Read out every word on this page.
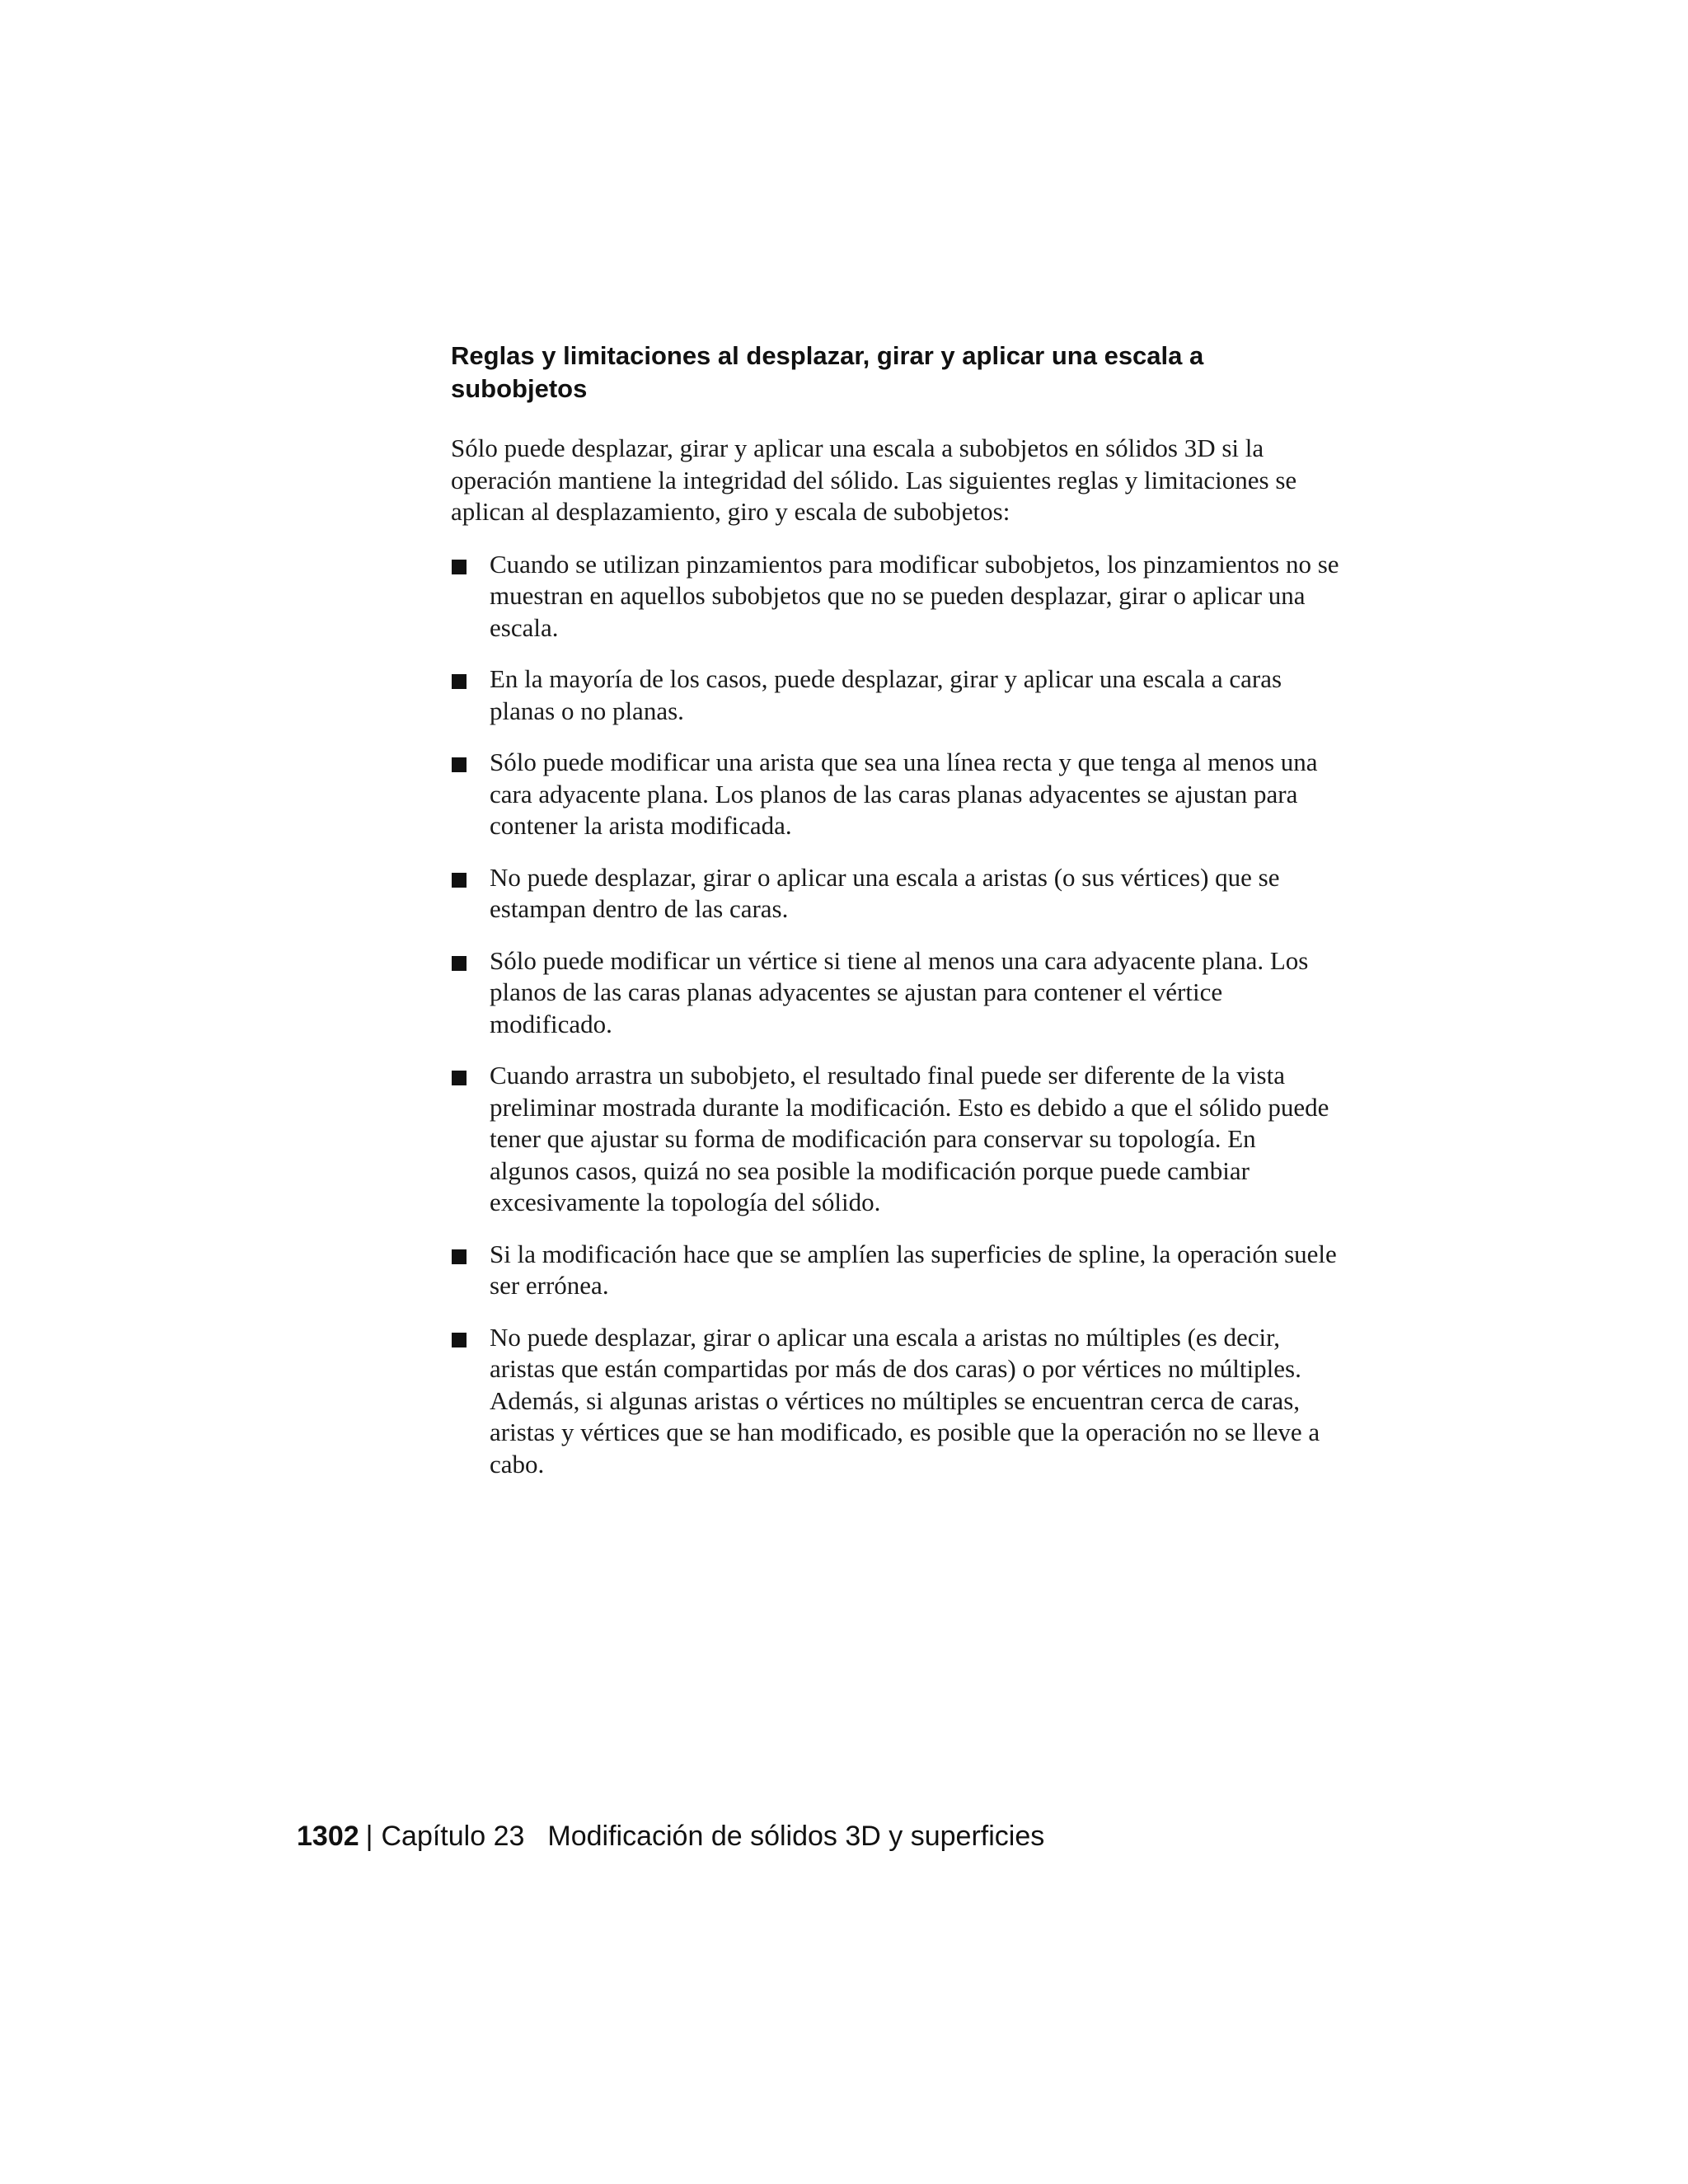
Reglas y limitaciones al desplazar, girar y aplicar una escala a subobjetos

Sólo puede desplazar, girar y aplicar una escala a subobjetos en sólidos 3D si la operación mantiene la integridad del sólido. Las siguientes reglas y limitaciones se aplican al desplazamiento, giro y escala de subobjetos:

Cuando se utilizan pinzamientos para modificar subobjetos, los pinzamientos no se muestran en aquellos subobjetos que no se pueden desplazar, girar o aplicar una escala.
En la mayoría de los casos, puede desplazar, girar y aplicar una escala a caras planas o no planas.
Sólo puede modificar una arista que sea una línea recta y que tenga al menos una cara adyacente plana. Los planos de las caras planas adyacentes se ajustan para contener la arista modificada.
No puede desplazar, girar o aplicar una escala a aristas (o sus vértices) que se estampan dentro de las caras.
Sólo puede modificar un vértice si tiene al menos una cara adyacente plana. Los planos de las caras planas adyacentes se ajustan para contener el vértice modificado.
Cuando arrastra un subobjeto, el resultado final puede ser diferente de la vista preliminar mostrada durante la modificación. Esto es debido a que el sólido puede tener que ajustar su forma de modificación para conservar su topología. En algunos casos, quizá no sea posible la modificación porque puede cambiar excesivamente la topología del sólido.
Si la modificación hace que se amplíen las superficies de spline, la operación suele ser errónea.
No puede desplazar, girar o aplicar una escala a aristas no múltiples (es decir, aristas que están compartidas por más de dos caras) o por vértices no múltiples. Además, si algunas aristas o vértices no múltiples se encuentran cerca de caras, aristas y vértices que se han modificado, es posible que la operación no se lleve a cabo.
1302 | Capítulo 23 Modificación de sólidos 3D y superficies
